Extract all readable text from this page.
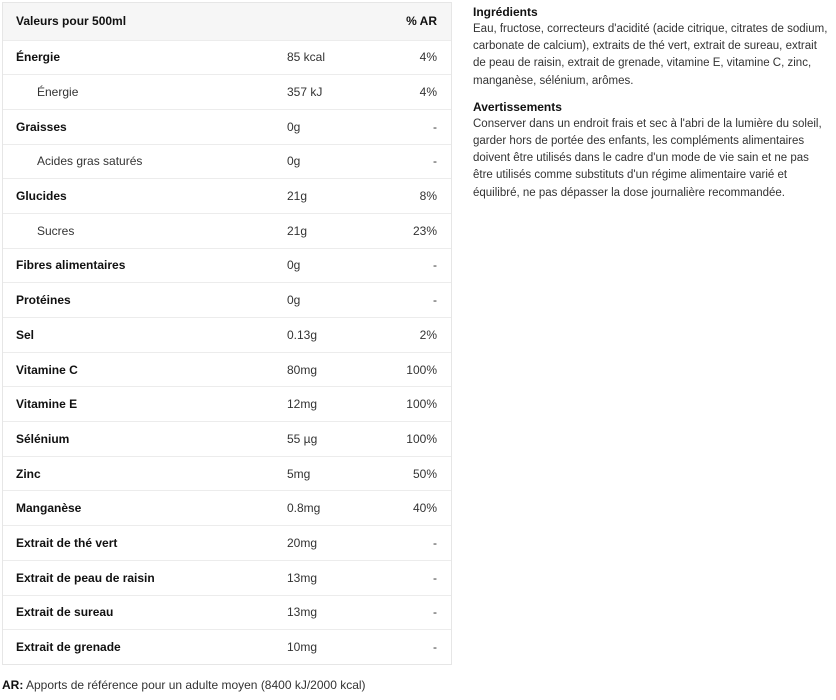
Valeurs pour 500ml		% AR
Énergie	85 kcal	4%
Énergie	357 kJ	4%
Graisses	0g	-
Acides gras saturés	0g	-
Glucides	21g	8%
Sucres	21g	23%
Fibres alimentaires	0g	-
Protéines	0g	-
Sel	0.13g	2%
Vitamine C	80mg	100%
Vitamine E	12mg	100%
Sélénium	55 µg	100%
Zinc	5mg	50%
Manganèse	0.8mg	40%
Extrait de thé vert	20mg	-
Extrait de peau de raisin	13mg	-
Extrait de sureau	13mg	-
Extrait de grenade	10mg	-
AR: Apports de référence pour un adulte moyen (8400 kJ/2000 kcal)
Ingrédients

Eau, fructose, correcteurs d'acidité (acide citrique, citrates de sodium, carbonate de calcium), extraits de thé vert, extrait de sureau, extrait de peau de raisin, extrait de grenade, vitamine E, vitamine C, zinc, manganèse, sélénium, arômes.

Avertissements

Conserver dans un endroit frais et sec à l'abri de la lumière du soleil, garder hors de portée des enfants, les compléments alimentaires doivent être utilisés dans le cadre d'un mode de vie sain et ne pas être utilisés comme substituts d'un régime alimentaire varié et équilibré, ne pas dépasser la dose journalière recommandée.
